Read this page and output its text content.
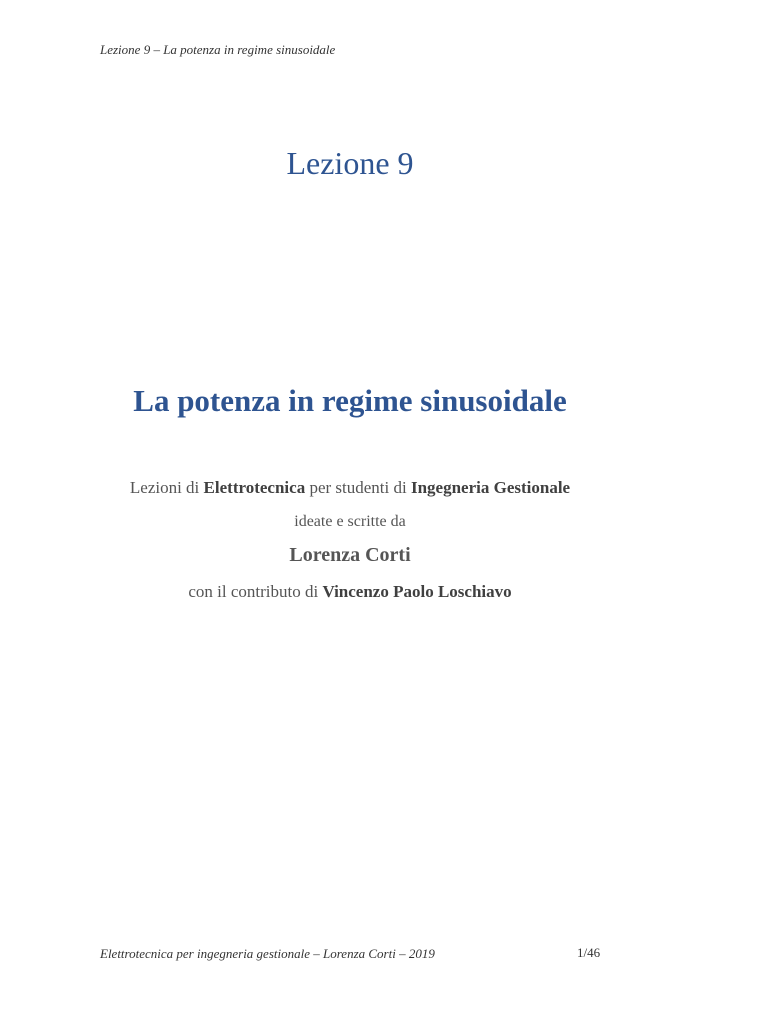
Lezione 9 – La potenza in regime sinusoidale
Lezione 9
La potenza in regime sinusoidale
Lezioni di Elettrotecnica per studenti di Ingegneria Gestionale
ideate e scritte da
Lorenza Corti
con il contributo di Vincenzo Paolo Loschiavo
Elettrotecnica per ingegneria gestionale – Lorenza Corti – 2019	1/46
